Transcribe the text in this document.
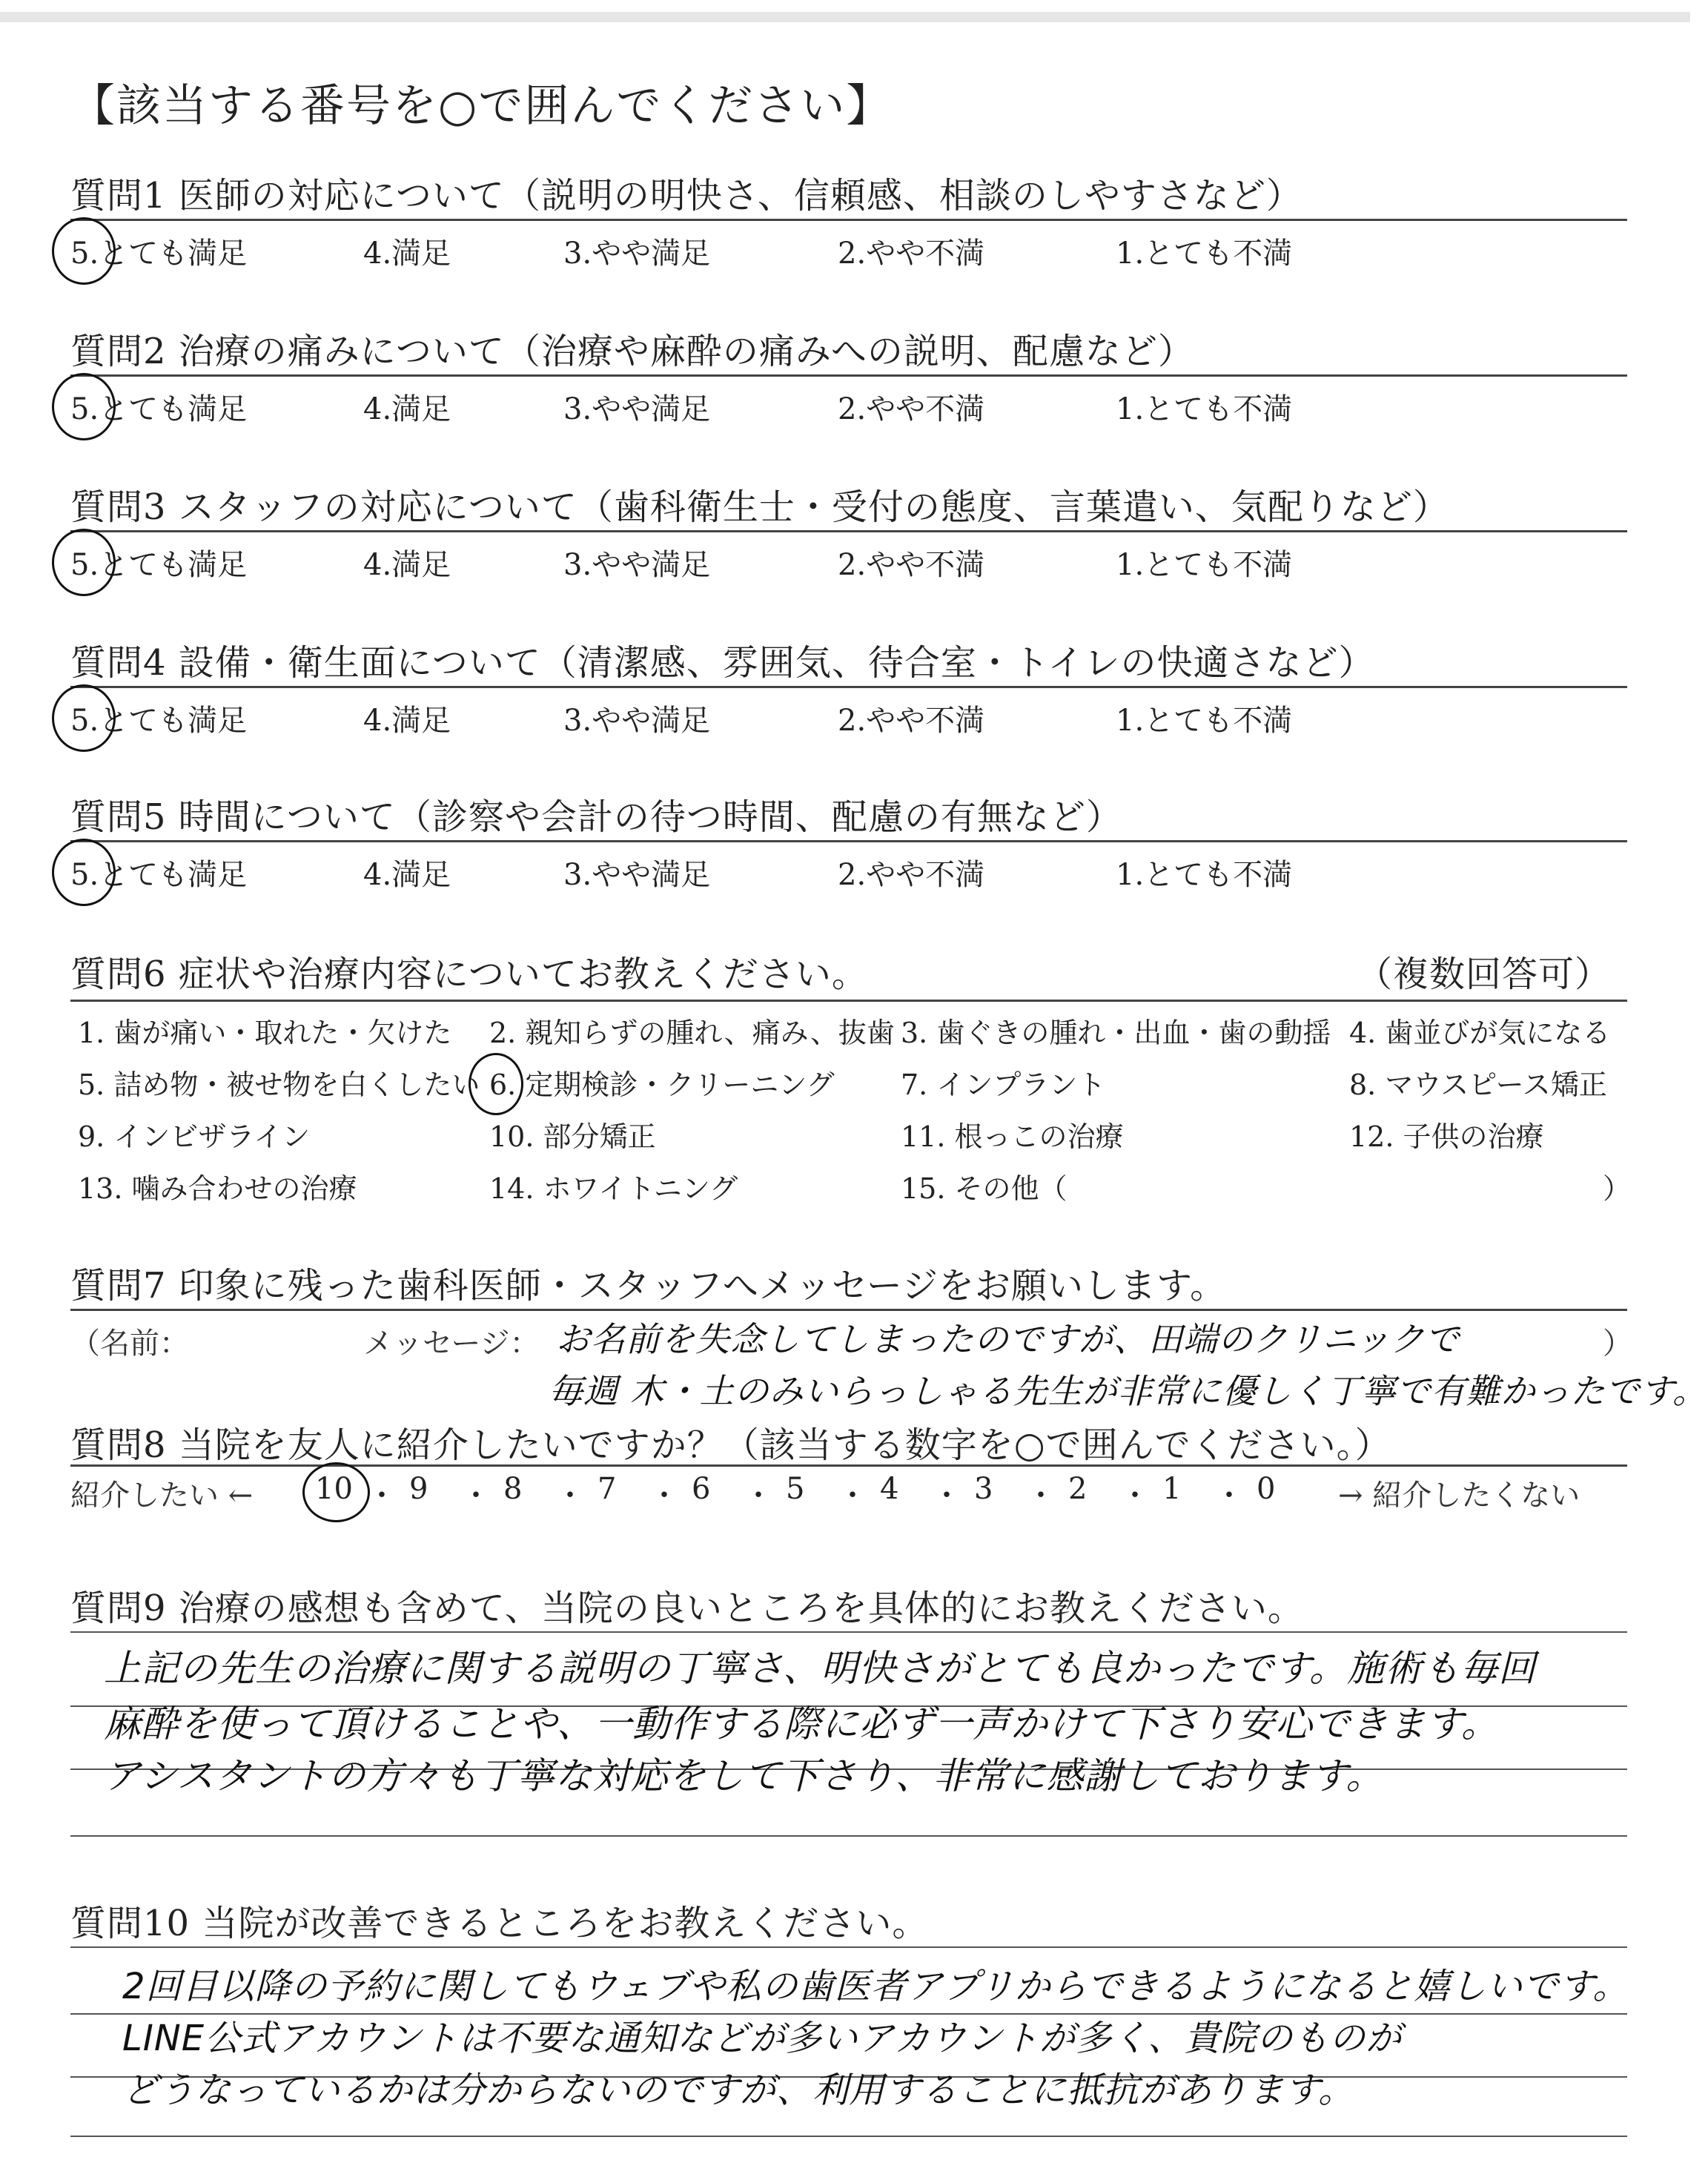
【該当する番号を○で囲んでください】
質問1 医師の対応について（説明の明快さ、信頼感、相談のしやすさなど）
5.とても満足	4.満足	3.やや満足	2.やや不満	1.とても不満
質問2 治療の痛みについて（治療や麻酔の痛みへの説明、配慮など）
5.とても満足	4.満足	3.やや満足	2.やや不満	1.とても不満
質問3 スタッフの対応について（歯科衛生士・受付の態度、言葉遣い、気配りなど）
5.とても満足	4.満足	3.やや満足	2.やや不満	1.とても不満
質問4 設備・衛生面について（清潔感、雰囲気、待合室・トイレの快適さなど）
5.とても満足	4.満足	3.やや満足	2.やや不満	1.とても不満
質問5 時間について（診察や会計の待つ時間、配慮の有無など）
5.とても満足	4.満足	3.やや満足	2.やや不満	1.とても不満
質問6 症状や治療内容についてお教えください。	（複数回答可）
1. 歯が痛い・取れた・欠けた 2. 親知らずの腫れ、痛み、抜歯 3. 歯ぐきの腫れ・出血・歯の動揺 4. 歯並びが気になる
5. 詰め物・被せ物を白くしたい 6. 定期検診・クリーニング 7. インプラント	8. マウスピース矯正
9. インビザライン	10. 部分矯正	11. 根っこの治療	12. 子供の治療
13. 噛み合わせの治療	14. ホワイトニング	15. その他（	）
質問7 印象に残った歯科医師・スタッフへメッセージをお願いします。
（名前：	メッセージ：	）
お名前を失念してしまったのですが、田端のクリニックで
毎週 木・土のみいらっしゃる先生が非常に優しく丁寧で有難かったです。
質問8 当院を友人に紹介したいですか？（該当する数字を○で囲んでください。）
紹介したい ← 10 ・ 9 ・ 8 ・ 7 ・ 6 ・ 5 ・ 4 ・ 3 ・ 2 ・ 1 ・ 0 → 紹介したくない
質問9 治療の感想も含めて、当院の良いところを具体的にお教えください。
上記の先生の治療に関する説明の丁寧さ、明快さがとても良かったです。施術も毎回
麻酔を使って頂けることや、一動作する際に必ず一声かけて下さり安心できます。
アシスタントの方々も丁寧な対応をして下さり、非常に感謝しております。
質問10 当院が改善できるところをお教えください。
2回目以降の予約に関してもウェブや私の歯医者アプリからできるようになると嬉しいです。
LINE公式アカウントは不要な通知などが多いアカウントが多く、貴院のものが
どうなっているかは分からないのですが、利用することに抵抗があります。
